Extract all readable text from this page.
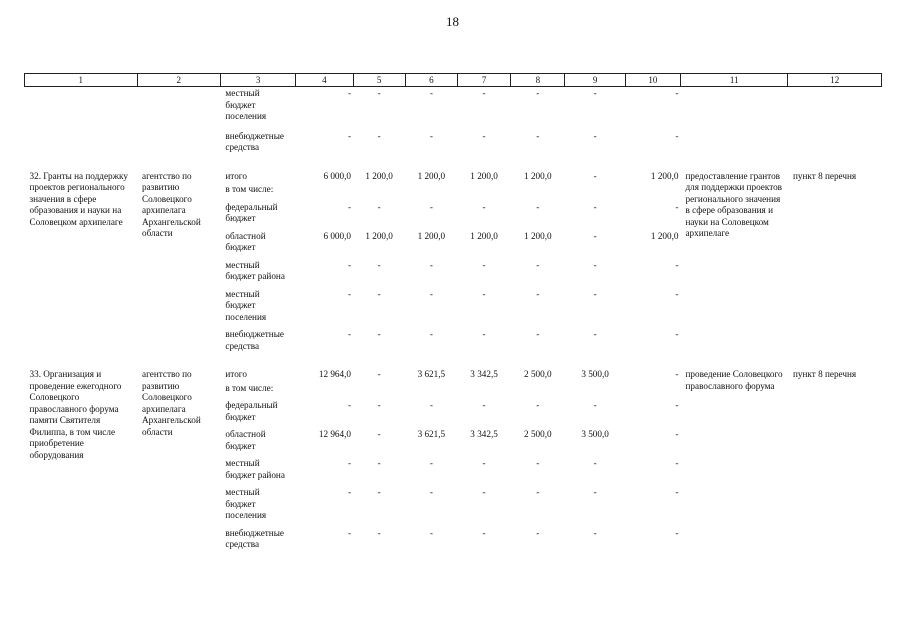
18
1	2	3	4	5	6	7	8	9	10	11	12
		местный бюджет поселения	-	-	-	-	-	-	-		
		внебюджетные средства	-	-	-	-	-	-	-		

32. Гранты на поддержку проектов регионального значения в сфере образования и науки на Соловецком архипелаге	агентство по развитию Соловецкого архипелага Архангельской области	итого	6 000,0	1 200,0	1 200,0	1 200,0	1 200,0	-	1 200,0	предоставление грантов для поддержки проектов регионального значения в сфере образования и науки на Соловецком архипелаге	пункт 8 перечня
		в том числе:									
		федеральный бюджет	-	-	-	-	-	-	-		
		областной бюджет	6 000,0	1 200,0	1 200,0	1 200,0	1 200,0	-	1 200,0		
		местный бюджет района	-	-	-	-	-	-	-		
		местный бюджет поселения	-	-	-	-	-	-	-		
		внебюджетные средства	-	-	-	-	-	-	-		

33. Организация и проведение ежегодного Соловецкого православного форума памяти Святителя Филиппа, в том числе приобретение оборудования	агентство по развитию Соловецкого архипелага Архангельской области	итого	12 964,0	-	3 621,5	3 342,5	2 500,0	3 500,0	-	проведение Соловецкого православного форума	пункт 8 перечня
		в том числе:									
		федеральный бюджет	-	-	-	-	-	-	-		
		областной бюджет	12 964,0	-	3 621,5	3 342,5	2 500,0	3 500,0	-		
		местный бюджет района	-	-	-	-	-	-	-		
		местный бюджет поселения	-	-	-	-	-	-	-		
		внебюджетные средства	-	-	-	-	-	-	-		
